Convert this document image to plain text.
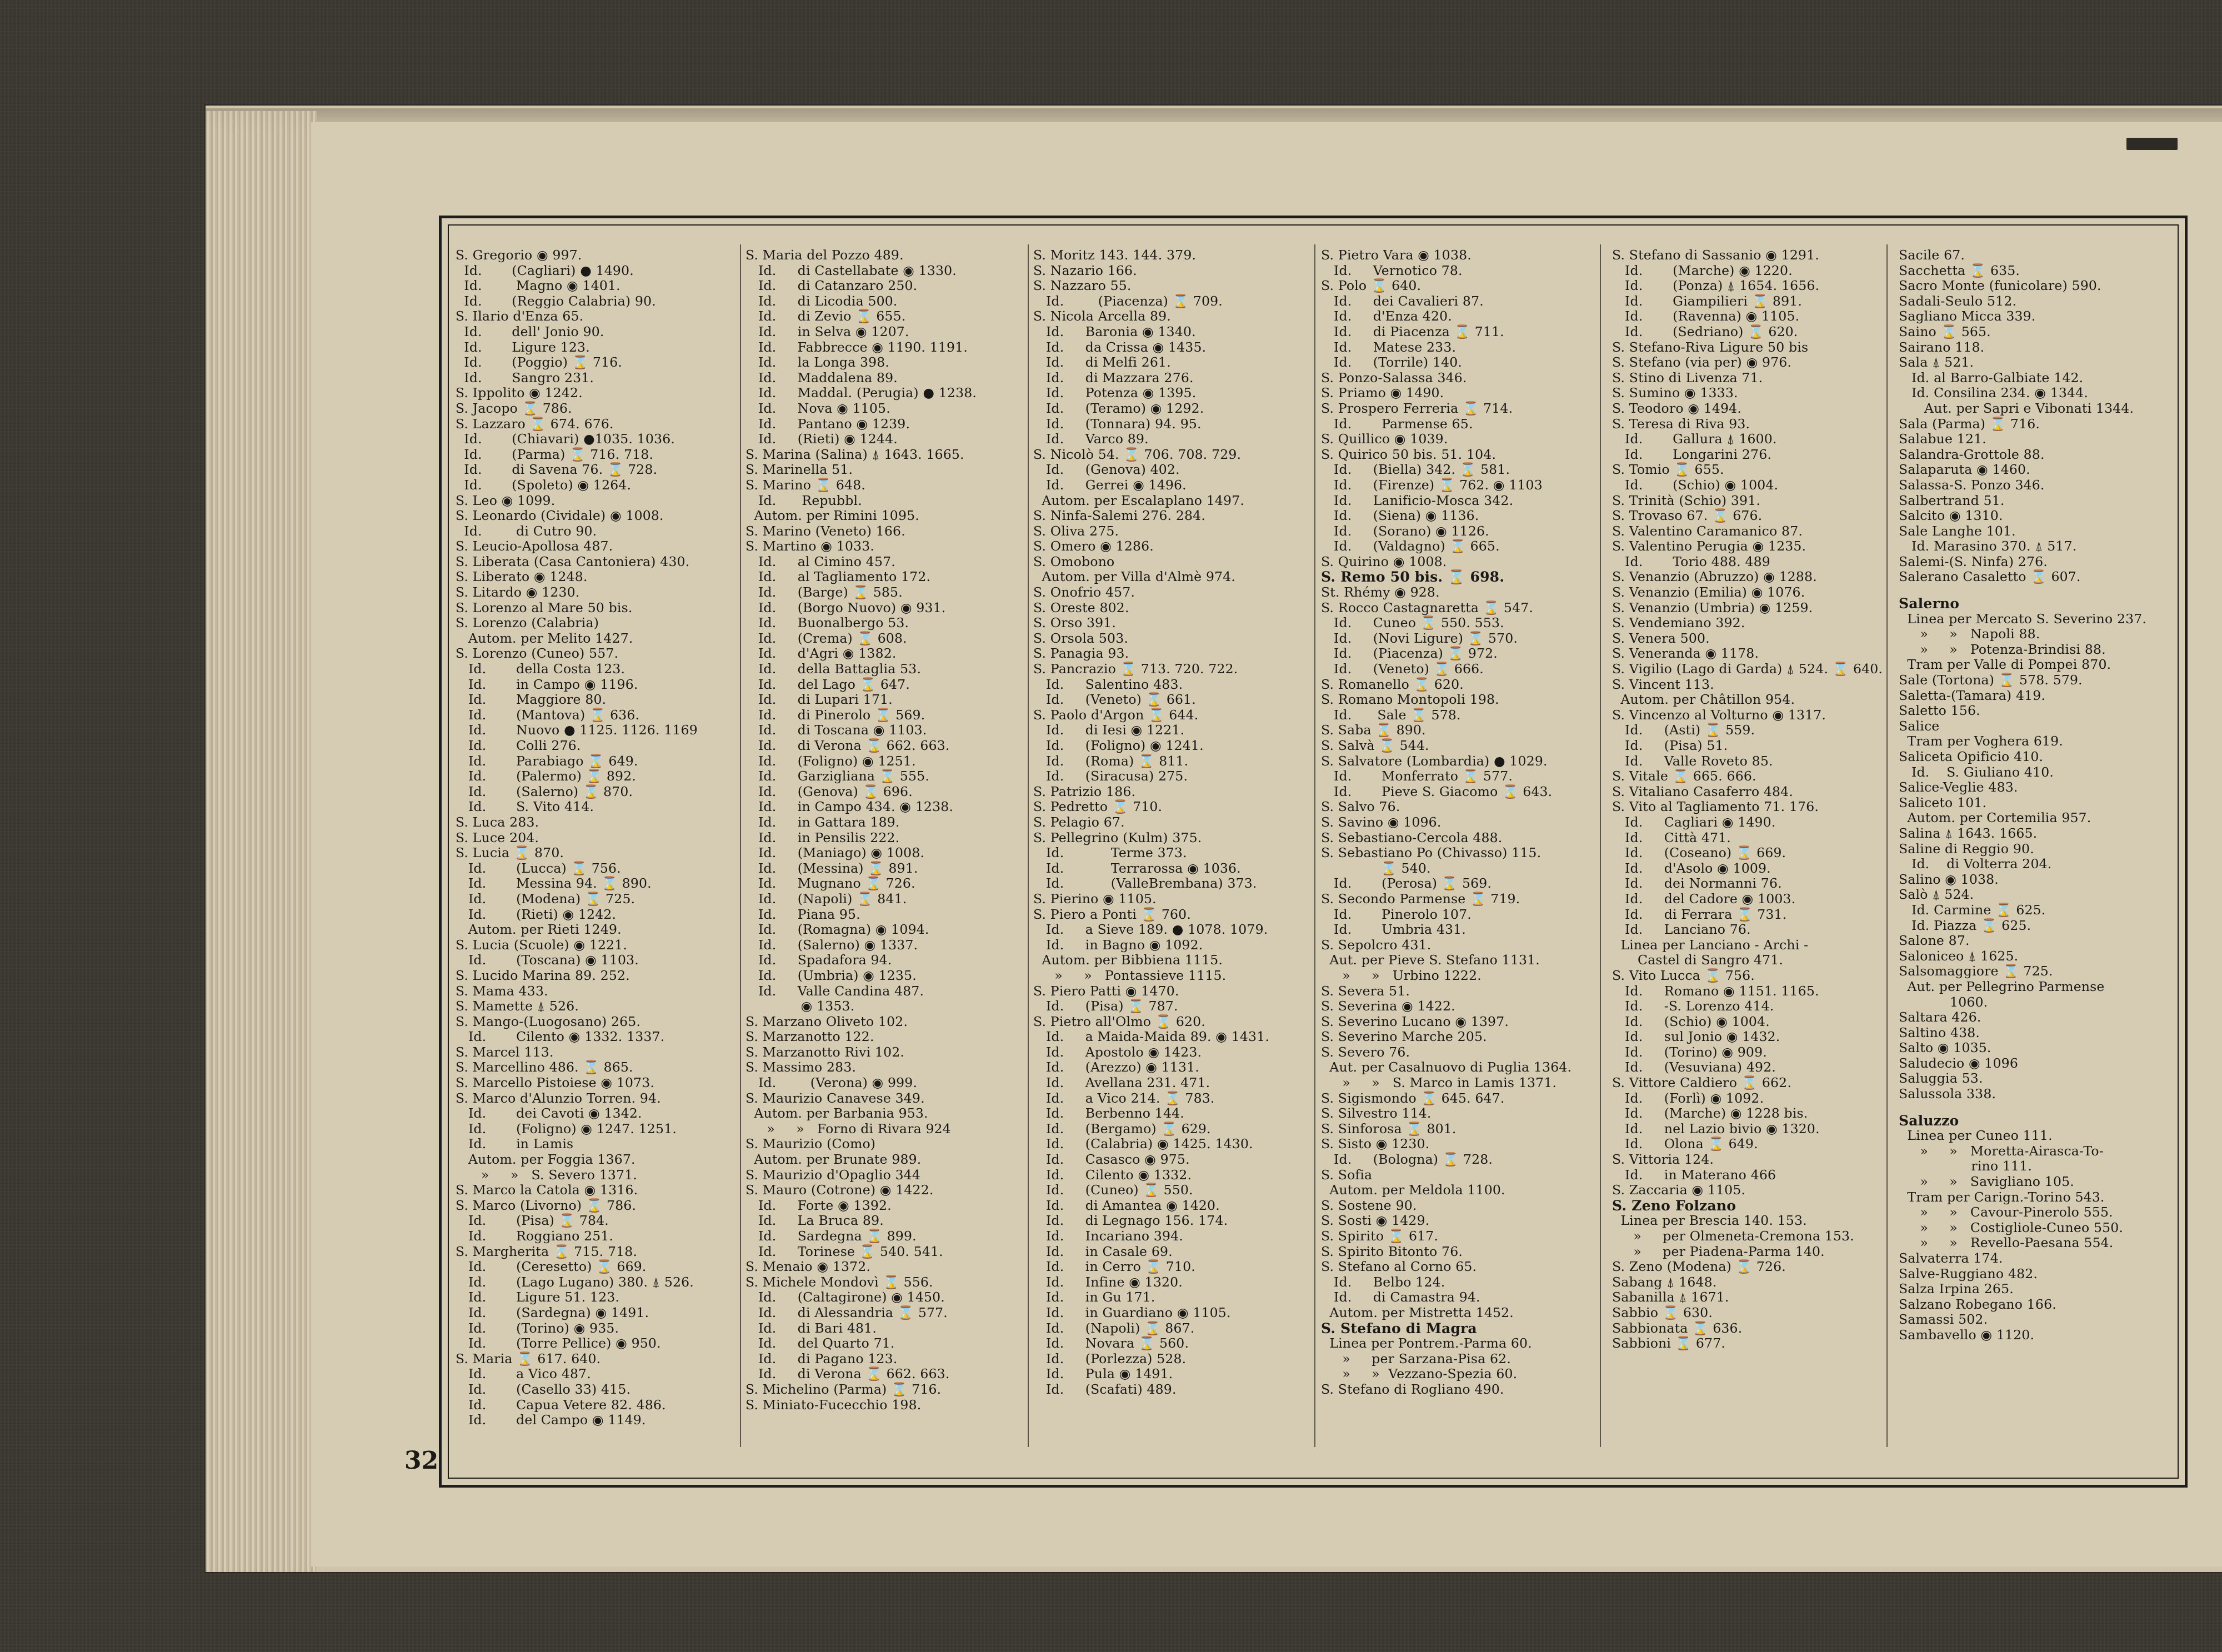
S. Gregorio ◉ 997.
Id.       (Cagliari) ● 1490.
Id.        Magno ◉ 1401.
Id.       (Reggio Calabria) 90.
S. Ilario d'Enza 65.
Id.       dell' Jonio 90.
Id.       Ligure 123.
Id.       (Poggio) ⌛ 716.
Id.       Sangro 231.
S. Ippolito ◉ 1242.
S. Jacopo ⌛ 786.
S. Lazzaro ⌛ 674. 676.
Id.       (Chiavari) ●1035. 1036.
Id.       (Parma) ⌛ 716. 718.
Id.       di Savena 76. ⌛ 728.
Id.       (Spoleto) ◉ 1264.
S. Leo ◉ 1099.
S. Leonardo (Cividale) ◉ 1008.
Id.        di Cutro 90.
S. Leucio-Apollosa 487.
S. Liberata (Casa Cantoniera) 430.
S. Liberato ◉ 1248.
S. Litardo ◉ 1230.
S. Lorenzo al Mare 50 bis.
S. Lorenzo (Calabria)
Autom. per Melito 1427.
S. Lorenzo (Cuneo) 557.
Id.       della Costa 123.
Id.       in Campo ◉ 1196.
Id.       Maggiore 80.
Id.       (Mantova) ⌛ 636.
Id.       Nuovo ● 1125. 1126. 1169
Id.       Colli 276.
Id.       Parabiago ⌛ 649.
Id.       (Palermo) ⌛ 892.
Id.       (Salerno) ⌛ 870.
Id.       S. Vito 414.
S. Luca 283.
S. Luce 204.
S. Lucia ⌛ 870.
Id.       (Lucca) ⌛ 756.
Id.       Messina 94. ⌛ 890.
Id.       (Modena) ⌛ 725.
Id.       (Rieti) ◉ 1242.
Autom. per Rieti 1249.
S. Lucia (Scuole) ◉ 1221.
Id.       (Toscana) ◉ 1103.
S. Lucido Marina 89. 252.
S. Mama 433.
S. Mamette ⍋ 526.
S. Mango-(Luogosano) 265.
Id.       Cilento ◉ 1332. 1337.
S. Marcel 113.
S. Marcellino 486. ⌛ 865.
S. Marcello Pistoiese ◉ 1073.
S. Marco d'Alunzio Torren. 94.
Id.       dei Cavoti ◉ 1342.
Id.       (Foligno) ◉ 1247. 1251.
Id.       in Lamis
Autom. per Foggia 1367.
»     »   S. Severo 1371.
S. Marco la Catola ◉ 1316.
S. Marco (Livorno) ⌛ 786.
Id.       (Pisa) ⌛ 784.
Id.       Roggiano 251.
S. Margherita ⌛ 715. 718.
Id.       (Ceresetto) ⌛ 669.
Id.       (Lago Lugano) 380. ⍋ 526.
Id.       Ligure 51. 123.
Id.       (Sardegna) ◉ 1491.
Id.       (Torino) ◉ 935.
Id.       (Torre Pellice) ◉ 950.
S. Maria ⌛ 617. 640.
Id.       a Vico 487.
Id.       (Casello 33) 415.
Id.       Capua Vetere 82. 486.
Id.       del Campo ◉ 1149.
S. Maria del Pozzo 489.
Id.     di Castellabate ◉ 1330.
Id.     di Catanzaro 250.
Id.     di Licodia 500.
Id.     di Zevio ⌛ 655.
Id.     in Selva ◉ 1207.
Id.     Fabbrecce ◉ 1190. 1191.
Id.     la Longa 398.
Id.     Maddalena 89.
Id.     Maddal. (Perugia) ● 1238.
Id.     Nova ◉ 1105.
Id.     Pantano ◉ 1239.
Id.     (Rieti) ◉ 1244.
S. Marina (Salina) ⍋ 1643. 1665.
S. Marinella 51.
S. Marino ⌛ 648.
Id.      Repubbl.
Autom. per Rimini 1095.
S. Marino (Veneto) 166.
S. Martino ◉ 1033.
Id.     al Cimino 457.
Id.     al Tagliamento 172.
Id.     (Barge) ⌛ 585.
Id.     (Borgo Nuovo) ◉ 931.
Id.     Buonalbergo 53.
Id.     (Crema) ⌛ 608.
Id.     d'Agri ◉ 1382.
Id.     della Battaglia 53.
Id.     del Lago ⌛ 647.
Id.     di Lupari 171.
Id.     di Pinerolo ⌛ 569.
Id.     di Toscana ◉ 1103.
Id.     di Verona ⌛ 662. 663.
Id.     (Foligno) ◉ 1251.
Id.     Garzigliana ⌛ 555.
Id.     (Genova) ⌛ 696.
Id.     in Campo 434. ◉ 1238.
Id.     in Gattara 189.
Id.     in Pensilis 222.
Id.     (Maniago) ◉ 1008.
Id.     (Messina) ⌛ 891.
Id.     Mugnano ⌛ 726.
Id.     (Napoli) ⌛ 841.
Id.     Piana 95.
Id.     (Romagna) ◉ 1094.
Id.     (Salerno) ◉ 1337.
Id.     Spadafora 94.
Id.     (Umbria) ◉ 1235.
Id.     Valle Candina 487.
◉ 1353.
S. Marzano Oliveto 102.
S. Marzanotto 122.
S. Marzanotto Rivi 102.
S. Massimo 283.
Id.        (Verona) ◉ 999.
S. Maurizio Canavese 349.
Autom. per Barbania 953.
»     »   Forno di Rivara 924
S. Maurizio (Como)
Autom. per Brunate 989.
S. Maurizio d'Opaglio 344
S. Mauro (Cotrone) ◉ 1422.
Id.     Forte ◉ 1392.
Id.     La Bruca 89.
Id.     Sardegna ⌛ 899.
Id.     Torinese ⌛ 540. 541.
S. Menaio ◉ 1372.
S. Michele Mondovì ⌛ 556.
Id.     (Caltagirone) ◉ 1450.
Id.     di Alessandria ⌛ 577.
Id.     di Bari 481.
Id.     del Quarto 71.
Id.     di Pagano 123.
Id.     di Verona ⌛ 662. 663.
S. Michelino (Parma) ⌛ 716.
S. Miniato-Fucecchio 198.
S. Moritz 143. 144. 379.
S. Nazario 166.
S. Nazzaro 55.
Id.        (Piacenza) ⌛ 709.
S. Nicola Arcella 89.
Id.     Baronia ◉ 1340.
Id.     da Crissa ◉ 1435.
Id.     di Melfi 261.
Id.     di Mazzara 276.
Id.     Potenza ◉ 1395.
Id.     (Teramo) ◉ 1292.
Id.     (Tonnara) 94. 95.
Id.     Varco 89.
S. Nicolò 54. ⌛ 706. 708. 729.
Id.     (Genova) 402.
Id.     Gerrei ◉ 1496.
Autom. per Escalaplano 1497.
S. Ninfa-Salemi 276. 284.
S. Oliva 275.
S. Omero ◉ 1286.
S. Omobono
Autom. per Villa d'Almè 974.
S. Onofrio 457.
S. Oreste 802.
S. Orso 391.
S. Orsola 503.
S. Panagia 93.
S. Pancrazio ⌛ 713. 720. 722.
Id.     Salentino 483.
Id.     (Veneto) ⌛ 661.
S. Paolo d'Argon ⌛ 644.
Id.     di Iesi ◉ 1221.
Id.     (Foligno) ◉ 1241.
Id.     (Roma) ⌛ 811.
Id.     (Siracusa) 275.
S. Patrizio 186.
S. Pedretto ⌛ 710.
S. Pelagio 67.
S. Pellegrino (Kulm) 375.
Id.           Terme 373.
Id.           Terrarossa ◉ 1036.
Id.           (ValleBrembana) 373.
S. Pierino ◉ 1105.
S. Piero a Ponti ⌛ 760.
Id.     a Sieve 189. ● 1078. 1079.
Id.     in Bagno ◉ 1092.
Autom. per Bibbiena 1115.
»     »   Pontassieve 1115.
S. Piero Patti ◉ 1470.
Id.     (Pisa) ⌛ 787.
S. Pietro all'Olmo ⌛ 620.
Id.     a Maida-Maida 89. ◉ 1431.
Id.     Apostolo ◉ 1423.
Id.     (Arezzo) ◉ 1131.
Id.     Avellana 231. 471.
Id.     a Vico 214. ⌛ 783.
Id.     Berbenno 144.
Id.     (Bergamo) ⌛ 629.
Id.     (Calabria) ◉ 1425. 1430.
Id.     Casasco ◉ 975.
Id.     Cilento ◉ 1332.
Id.     (Cuneo) ⌛ 550.
Id.     di Amantea ◉ 1420.
Id.     di Legnago 156. 174.
Id.     Incariano 394.
Id.     in Casale 69.
Id.     in Cerro ⌛ 710.
Id.     Infine ◉ 1320.
Id.     in Gu 171.
Id.     in Guardiano ◉ 1105.
Id.     (Napoli) ⌛ 867.
Id.     Novara ⌛ 560.
Id.     (Porlezza) 528.
Id.     Pula ◉ 1491.
Id.     (Scafati) 489.
S. Pietro Vara ◉ 1038.
Id.     Vernotico 78.
S. Polo ⌛ 640.
Id.     dei Cavalieri 87.
Id.     d'Enza 420.
Id.     di Piacenza ⌛ 711.
Id.     Matese 233.
Id.     (Torrile) 140.
S. Ponzo-Salassa 346.
S. Priamo ◉ 1490.
S. Prospero Ferreria ⌛ 714.
Id.       Parmense 65.
S. Quillico ◉ 1039.
S. Quirico 50 bis. 51. 104.
Id.     (Biella) 342. ⌛ 581.
Id.     (Firenze) ⌛ 762. ◉ 1103
Id.     Lanificio-Mosca 342.
Id.     (Siena) ◉ 1136.
Id.     (Sorano) ◉ 1126.
Id.     (Valdagno) ⌛ 665.
S. Quirino ◉ 1008.
S. Remo 50 bis. ⌛ 698.
St. Rhémy ◉ 928.
S. Rocco Castagnaretta ⌛ 547.
Id.     Cuneo ⌛ 550. 553.
Id.     (Novi Ligure) ⌛ 570.
Id.     (Piacenza) ⌛ 972.
Id.     (Veneto) ⌛ 666.
S. Romanello ⌛ 620.
S. Romano Montopoli 198.
Id.      Sale ⌛ 578.
S. Saba ⌛ 890.
S. Salvà ⌛ 544.
S. Salvatore (Lombardia) ● 1029.
Id.       Monferrato ⌛ 577.
Id.       Pieve S. Giacomo ⌛ 643.
S. Salvo 76.
S. Savino ◉ 1096.
S. Sebastiano-Cercola 488.
S. Sebastiano Po (Chivasso) 115.
⌛ 540.
Id.       (Perosa) ⌛ 569.
S. Secondo Parmense ⌛ 719.
Id.       Pinerolo 107.
Id.       Umbria 431.
S. Sepolcro 431.
Aut. per Pieve S. Stefano 1131.
»     »   Urbino 1222.
S. Severa 51.
S. Severina ◉ 1422.
S. Severino Lucano ◉ 1397.
S. Severino Marche 205.
S. Severo 76.
Aut. per Casalnuovo di Puglia 1364.
»     »   S. Marco in Lamis 1371.
S. Sigismondo ⌛ 645. 647.
S. Silvestro 114.
S. Sinforosa ⌛ 801.
S. Sisto ◉ 1230.
Id.     (Bologna) ⌛ 728.
S. Sofia
Autom. per Meldola 1100.
S. Sostene 90.
S. Sosti ◉ 1429.
S. Spirito ⌛ 617.
S. Spirito Bitonto 76.
S. Stefano al Corno 65.
Id.     Belbo 124.
Id.     di Camastra 94.
Autom. per Mistretta 1452.
S. Stefano di Magra
Linea per Pontrem.-Parma 60.
»     per Sarzana-Pisa 62.
»     »  Vezzano-Spezia 60.
S. Stefano di Rogliano 490.
S. Stefano di Sassanio ◉ 1291.
Id.       (Marche) ◉ 1220.
Id.       (Ponza) ⍋ 1654. 1656.
Id.       Giampilieri ⌛ 891.
Id.       (Ravenna) ◉ 1105.
Id.       (Sedriano) ⌛ 620.
S. Stefano-Riva Ligure 50 bis
S. Stefano (via per) ◉ 976.
S. Stino di Livenza 71.
S. Sumino ◉ 1333.
S. Teodoro ◉ 1494.
S. Teresa di Riva 93.
Id.       Gallura ⍋ 1600.
Id.       Longarini 276.
S. Tomio ⌛ 655.
Id.       (Schio) ◉ 1004.
S. Trinità (Schio) 391.
S. Trovaso 67. ⌛ 676.
S. Valentino Caramanico 87.
S. Valentino Perugia ◉ 1235.
Id.       Torio 488. 489
S. Venanzio (Abruzzo) ◉ 1288.
S. Venanzio (Emilia) ◉ 1076.
S. Venanzio (Umbria) ◉ 1259.
S. Vendemiano 392.
S. Venera 500.
S. Veneranda ◉ 1178.
S. Vigilio (Lago di Garda) ⍋ 524. ⌛ 640.
S. Vincent 113.
Autom. per Châtillon 954.
S. Vincenzo al Volturno ◉ 1317.
Id.     (Asti) ⌛ 559.
Id.     (Pisa) 51.
Id.     Valle Roveto 85.
S. Vitale ⌛ 665. 666.
S. Vitaliano Casaferro 484.
S. Vito al Tagliamento 71. 176.
Id.     Cagliari ◉ 1490.
Id.     Città 471.
Id.     (Coseano) ⌛ 669.
Id.     d'Asolo ◉ 1009.
Id.     dei Normanni 76.
Id.     del Cadore ◉ 1003.
Id.     di Ferrara ⌛ 731.
Id.     Lanciano 76.
Linea per Lanciano - Archi -
Castel di Sangro 471.
S. Vito Lucca ⌛ 756.
Id.     Romano ◉ 1151. 1165.
Id.     -S. Lorenzo 414.
Id.     (Schio) ◉ 1004.
Id.     sul Jonio ◉ 1432.
Id.     (Torino) ◉ 909.
Id.     (Vesuviana) 492.
S. Vittore Caldiero ⌛ 662.
Id.     (Forlì) ◉ 1092.
Id.     (Marche) ◉ 1228 bis.
Id.     nel Lazio bivio ◉ 1320.
Id.     Olona ⌛ 649.
S. Vittoria 124.
Id.     in Materano 466
S. Zaccaria ◉ 1105.
S. Zeno Folzano
Linea per Brescia 140. 153.
»     per Olmeneta-Cremona 153.
»     per Piadena-Parma 140.
S. Zeno (Modena) ⌛ 726.
Sabang ⍋ 1648.
Sabanilla ⍋ 1671.
Sabbio ⌛ 630.
Sabbionata ⌛ 636.
Sabbioni ⌛ 677.
Sacile 67.
Sacchetta ⌛ 635.
Sacro Monte (funicolare) 590.
Sadali-Seulo 512.
Sagliano Micca 339.
Saino ⌛ 565.
Sairano 118.
Sala ⍋ 521.
Id. al Barro-Galbiate 142.
Id. Consilina 234. ◉ 1344.
Aut. per Sapri e Vibonati 1344.
Sala (Parma) ⌛ 716.
Salabue 121.
Salandra-Grottole 88.
Salaparuta ◉ 1460.
Salassa-S. Ponzo 346.
Salbertrand 51.
Salcito ◉ 1310.
Sale Langhe 101.
Id. Marasino 370. ⍋ 517.
Salemi-(S. Ninfa) 276.
Salerano Casaletto ⌛ 607.
Salerno
Linea per Mercato S. Severino 237.
»     »   Napoli 88.
»     »   Potenza-Brindisi 88.
Tram per Valle di Pompei 870.
Sale (Tortona) ⌛ 578. 579.
Saletta-(Tamara) 419.
Saletto 156.
Salice
Tram per Voghera 619.
Saliceta Opificio 410.
Id.    S. Giuliano 410.
Salice-Veglie 483.
Saliceto 101.
Autom. per Cortemilia 957.
Salina ⍋ 1643. 1665.
Saline di Reggio 90.
Id.    di Volterra 204.
Salino ◉ 1038.
Salò ⍋ 524.
Id. Carmine ⌛ 625.
Id. Piazza ⌛ 625.
Salone 87.
Saloniceo ⍋ 1625.
Salsomaggiore ⌛ 725.
Aut. per Pellegrino Parmense
1060.
Saltara 426.
Saltino 438.
Salto ◉ 1035.
Saludecio ◉ 1096
Saluggia 53.
Salussola 338.
Saluzzo
Linea per Cuneo 111.
»     »   Moretta-Airasca-To-
rino 111.
»     »   Savigliano 105.
Tram per Carign.-Torino 543.
»     »   Cavour-Pinerolo 555.
»     »   Costigliole-Cuneo 550.
»     »   Revello-Paesana 554.
Salvaterra 174.
Salve-Ruggiano 482.
Salza Irpina 265.
Salzano Robegano 166.
Samassi 502.
Sambavello ◉ 1120.
32
